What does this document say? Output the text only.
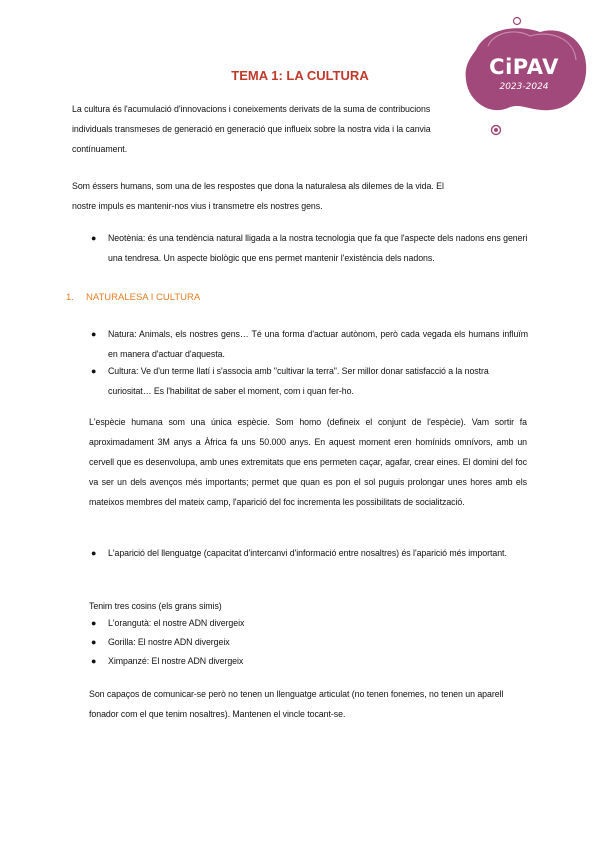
CiPAV
2023-2024
TEMA 1: LA CULTURA

La cultura és l'acumulació d'innovacions i coneixements derivats de la suma de contribucions individuals transmeses de generació en generació que influeix sobre la nostra vida i la canvia contínuament.

Som éssers humans, som una de les respostes que dona la naturalesa als dilemes de la vida. El nostre impuls es mantenir-nos vius i transmetre els nostres gens.

● Neotènia: és una tendència natural lligada a la nostra tecnologia que fa que l'aspecte dels nadons ens generi una tendresa. Un aspecte biològic que ens permet mantenir l'existència dels nadons.

1. NATURALESA I CULTURA
● Natura: Animals, els nostres gens… Té una forma d'actuar autònom, però cada vegada els humans influïm en manera d'actuar d'aquesta.

● Cultura: Ve d'un terme llatí i s'associa amb "cultivar la terra". Ser millor donar satisfacció a la nostra curiositat… Es l'habilitat de saber el moment, com i quan fer-ho.

L'espècie humana som una única espècie. Som homo (defineix el conjunt de l'espècie). Vam sortir fa aproximadament 3M anys a Àfrica fa uns 50.000 anys. En aquest moment eren homínids omnívors, amb un cervell que es desenvolupa, amb unes extremitats que ens permeten caçar, agafar, crear eines. El domini del foc va ser un dels avenços més importants; permet que quan es pon el sol puguis prolongar unes hores amb els mateixos membres del mateix camp, l'aparició del foc incrementa les possibilitats de socialització.

● L'aparició del llenguatge (capacitat d'intercanvi d'informació entre nosaltres) és l'aparició més important.

Tenim tres cosins (els grans simis)

● L'orangutà: el nostre ADN divergeix

● Gorilla: El nostre ADN divergeix

● Ximpanzé: El nostre ADN divergeix

Son capaços de comunicar-se però no tenen un llenguatge articulat (no tenen fonemes, no tenen un aparell fonador com el que tenim nosaltres). Mantenen el vincle tocant-se.
